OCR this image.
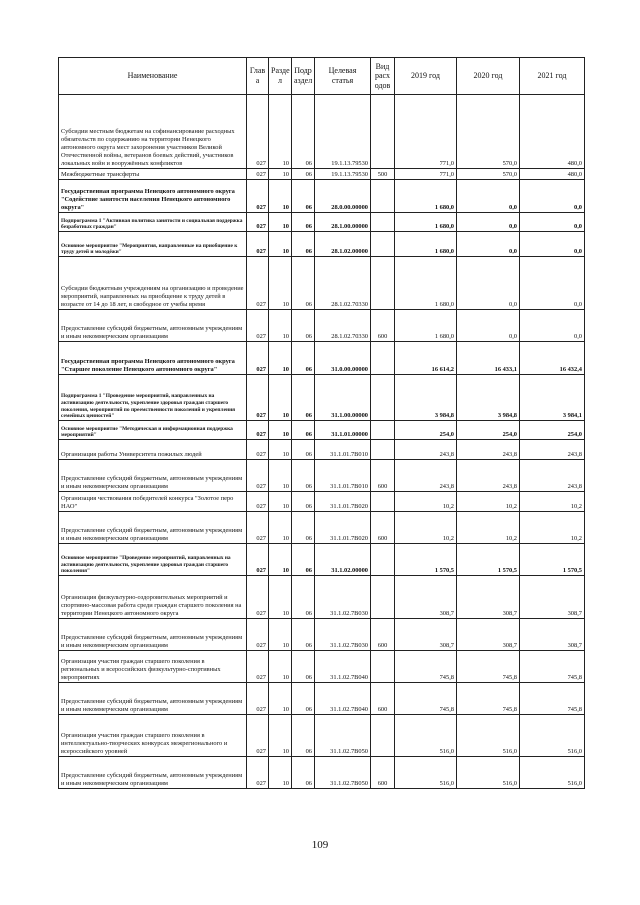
Наименование	Глав а	Разде л	Подр аздел	Целевая статья	Вид расх одов	2019 год	2020 год	2021 год
Субсидии местным бюджетам на софинансирование расходных обязательств по содержанию на территории Ненецкого автономного округа мест захоронения участников Великой Отечественной войны, ветеранов боевых действий, участников локальных войн и вооружённых конфликтов	027	10	06	19.1.13.79530		771,0	570,0	480,0
Межбюджетные трансферты	027	10	06	19.1.13.79530	500	771,0	570,0	480,0
Государственная программа Ненецкого автономного округа "Содействие занятости населения Ненецкого автономного округа"	027	10	06	28.0.00.00000		1 680,0	0,0	0,0
Подпрограмма 1 "Активная политика занятости и социальная поддержка безработных граждан"	027	10	06	28.1.00.00000		1 680,0	0,0	0,0
Основное мероприятие "Мероприятия, направленные на приобщение к труду детей и молодёжи"	027	10	06	28.1.02.00000		1 680,0	0,0	0,0
Субсидии бюджетным учреждениям на организацию и проведение мероприятий, направленных на приобщение к труду детей в возрасте от 14 до 18 лет, в свободное от учебы время	027	10	06	28.1.02.70330		1 680,0	0,0	0,0
Предоставление субсидий бюджетным, автономным учреждениям и иным некоммерческим организациям	027	10	06	28.1.02.70330	600	1 680,0	0,0	0,0
Государственная программа Ненецкого автономного округа "Старшее поколение Ненецкого автономного округа"	027	10	06	31.0.00.00000		16 614,2	16 433,1	16 432,4
Подпрограмма 1 "Проведение мероприятий, направленных на активизацию деятельности, укрепление здоровья граждан старшего поколения, мероприятий по преемственности поколений и укрепления семейных ценностей"	027	10	06	31.1.00.00000		3 984,8	3 984,8	3 984,1
Основное мероприятие "Методическая и информационная поддержка мероприятий"	027	10	06	31.1.01.00000		254,0	254,0	254,0
Организация работы Университета пожилых людей	027	10	06	31.1.01.7В010		243,8	243,8	243,8
Предоставление субсидий бюджетным, автономным учреждениям и иным некоммерческим организациям	027	10	06	31.1.01.7В010	600	243,8	243,8	243,8
Организация чествования победителей конкурса "Золотое перо НАО"	027	10	06	31.1.01.7В020		10,2	10,2	10,2
Предоставление субсидий бюджетным, автономным учреждениям и иным некоммерческим организациям	027	10	06	31.1.01.7В020	600	10,2	10,2	10,2
Основное мероприятие "Проведение мероприятий, направленных на активизацию деятельности, укрепление здоровья граждан старшего поколения"	027	10	06	31.1.02.00000		1 570,5	1 570,5	1 570,5
Организация физкультурно-оздоровительных мероприятий и спортивно-массовая работа среди граждан старшего поколения на территории Ненецкого автономного округа	027	10	06	31.1.02.7В030		308,7	308,7	308,7
Предоставление субсидий бюджетным, автономным учреждениям и иным некоммерческим организациям	027	10	06	31.1.02.7В030	600	308,7	308,7	308,7
Организация участия граждан старшего поколения в региональных и всероссийских физкультурно-спортивных мероприятиях	027	10	06	31.1.02.7В040		745,8	745,8	745,8
Предоставление субсидий бюджетным, автономным учреждениям и иным некоммерческим организациям	027	10	06	31.1.02.7В040	600	745,8	745,8	745,8
Организация участия граждан старшего поколения в интеллектуально-творческих конкурсах межрегионального и всероссийского уровней	027	10	06	31.1.02.7В050		516,0	516,0	516,0
Предоставление субсидий бюджетным, автономным учреждениям и иным некоммерческим организациям	027	10	06	31.1.02.7В050	600	516,0	516,0	516,0
109
